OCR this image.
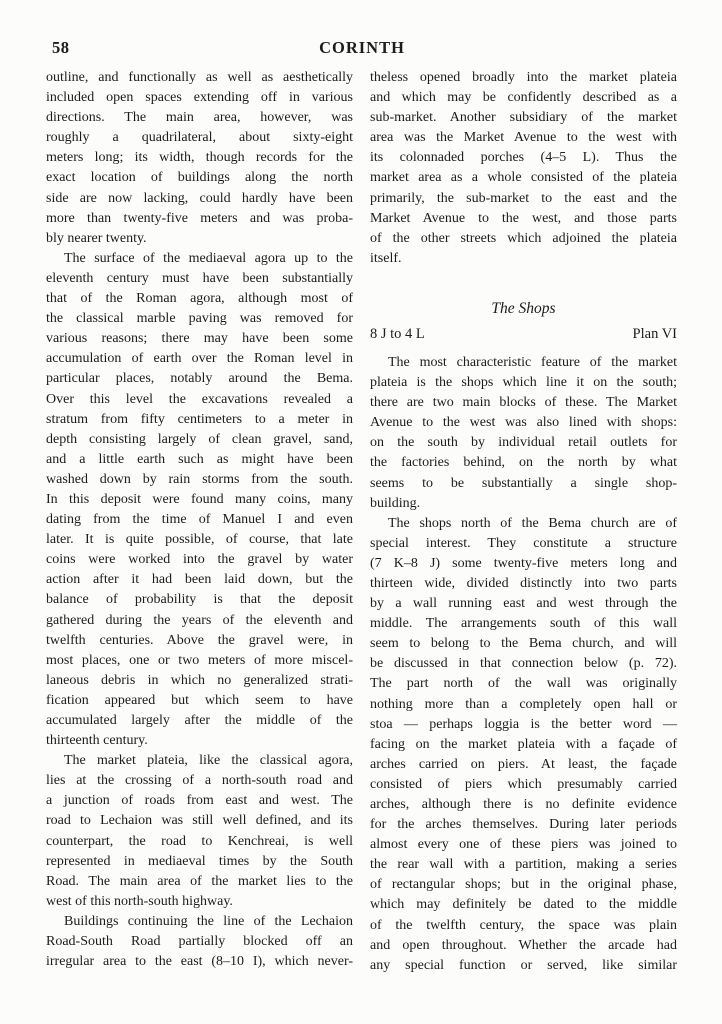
58	CORINTH
outline, and functionally as well as aesthetically
included open spaces extending off in various
directions. The main area, however, was
roughly a quadrilateral, about sixty-eight
meters long; its width, though records for the
exact location of buildings along the north
side are now lacking, could hardly have been
more than twenty-five meters and was proba-
bly nearer twenty.
The surface of the mediaeval agora up to the
eleventh century must have been substantially
that of the Roman agora, although most of
the classical marble paving was removed for
various reasons; there may have been some
accumulation of earth over the Roman level in
particular places, notably around the Bema.
Over this level the excavations revealed a
stratum from fifty centimeters to a meter in
depth consisting largely of clean gravel, sand,
and a little earth such as might have been
washed down by rain storms from the south.
In this deposit were found many coins, many
dating from the time of Manuel I and even
later. It is quite possible, of course, that late
coins were worked into the gravel by water
action after it had been laid down, but the
balance of probability is that the deposit
gathered during the years of the eleventh and
twelfth centuries. Above the gravel were, in
most places, one or two meters of more miscel-
laneous debris in which no generalized strati-
fication appeared but which seem to have
accumulated largely after the middle of the
thirteenth century.
The market plateia, like the classical agora,
lies at the crossing of a north-south road and
a junction of roads from east and west. The
road to Lechaion was still well defined, and its
counterpart, the road to Kenchreai, is well
represented in mediaeval times by the South
Road. The main area of the market lies to the
west of this north-south highway.
Buildings continuing the line of the Lechaion
Road-South Road partially blocked off an
irregular area to the east (8–10 I), which never-
theless opened broadly into the market plateia
and which may be confidently described as a
sub-market. Another subsidiary of the market
area was the Market Avenue to the west with
its colonnaded porches (4–5 L). Thus the
market area as a whole consisted of the plateia
primarily, the sub-market to the east and the
Market Avenue to the west, and those parts
of the other streets which adjoined the plateia
itself.
The Shops
8 J to 4 L	Plan VI
The most characteristic feature of the market
plateia is the shops which line it on the south;
there are two main blocks of these. The Market
Avenue to the west was also lined with shops:
on the south by individual retail outlets for
the factories behind, on the north by what
seems to be substantially a single shop-
building.
The shops north of the Bema church are of
special interest. They constitute a structure
(7 K–8 J) some twenty-five meters long and
thirteen wide, divided distinctly into two parts
by a wall running east and west through the
middle. The arrangements south of this wall
seem to belong to the Bema church, and will
be discussed in that connection below (p. 72).
The part north of the wall was originally
nothing more than a completely open hall or
stoa — perhaps loggia is the better word —
facing on the market plateia with a façade of
arches carried on piers. At least, the façade
consisted of piers which presumably carried
arches, although there is no definite evidence
for the arches themselves. During later periods
almost every one of these piers was joined to
the rear wall with a partition, making a series
of rectangular shops; but in the original phase,
which may definitely be dated to the middle
of the twelfth century, the space was plain
and open throughout. Whether the arcade had
any special function or served, like similar
